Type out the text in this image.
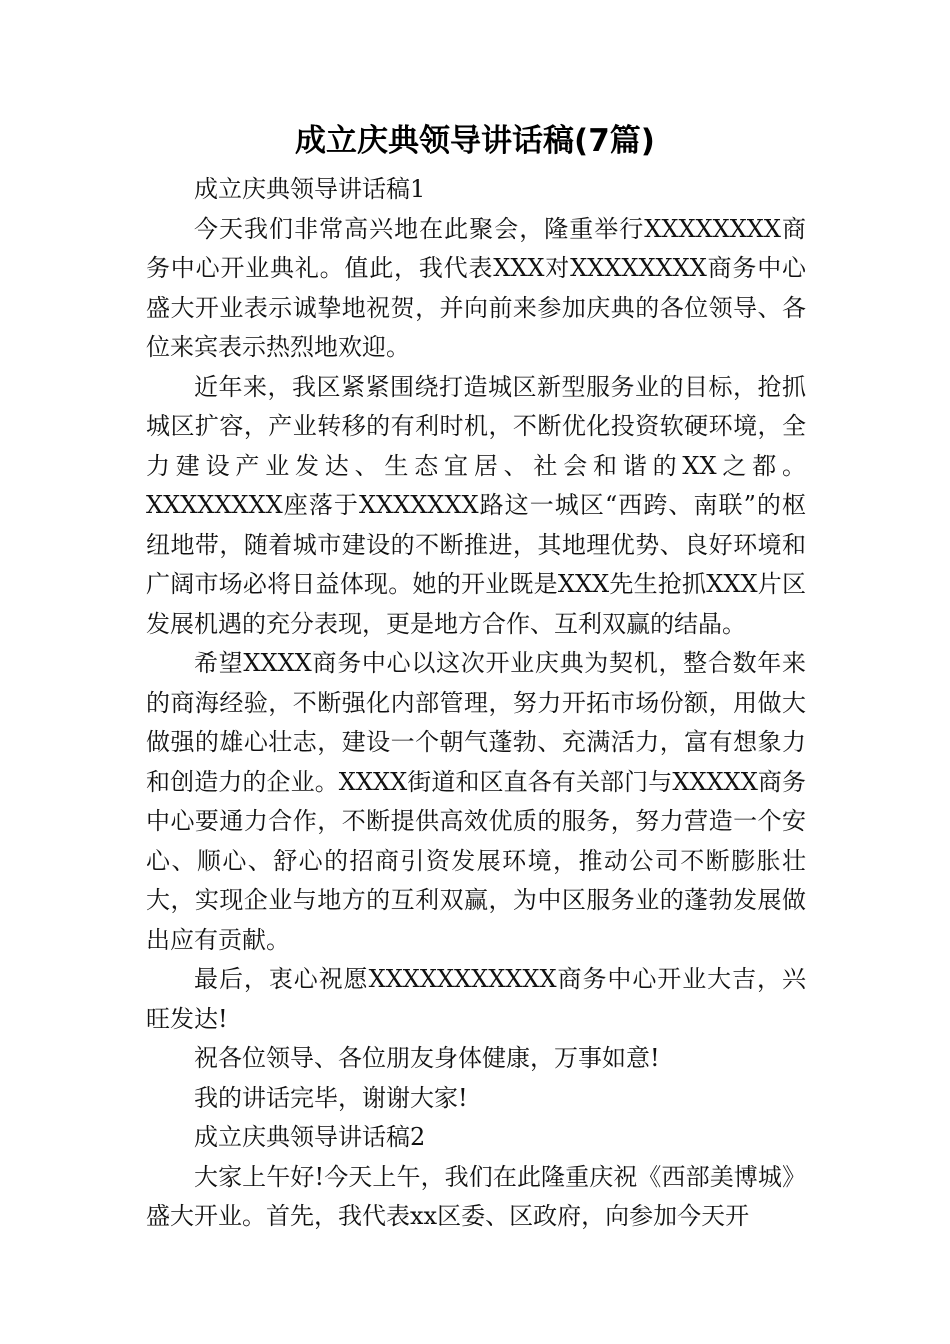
成立庆典领导讲话稿(7篇)

成立庆典领导讲话稿1

今天我们非常高兴地在此聚会，隆重举行XXXXXXXX商务中心开业典礼。值此，我代表XXX对XXXXXXXX商务中心盛大开业表示诚挚地祝贺，并向前来参加庆典的各位领导、各位来宾表示热烈地欢迎。

近年来，我区紧紧围绕打造城区新型服务业的目标，抢抓城区扩容，产业转移的有利时机，不断优化投资软硬环境，全力建设产业发达、生态宜居、社会和谐的XX之都。XXXXXXXX座落于XXXXXXX路这一城区“西跨、南联”的枢纽地带，随着城市建设的不断推进，其地理优势、良好环境和广阔市场必将日益体现。她的开业既是XXX先生抢抓XXX片区发展机遇的充分表现，更是地方合作、互利双赢的结晶。

希望XXXX商务中心以这次开业庆典为契机，整合数年来的商海经验，不断强化内部管理，努力开拓市场份额，用做大做强的雄心壮志，建设一个朝气蓬勃、充满活力，富有想象力和创造力的企业。XXXX街道和区直各有关部门与XXXXX商务中心要通力合作，不断提供高效优质的服务，努力营造一个安心、顺心、舒心的招商引资发展环境，推动公司不断膨胀壮大，实现企业与地方的互利双赢，为中区服务业的蓬勃发展做出应有贡献。

最后，衷心祝愿XXXXXXXXXXX商务中心开业大吉，兴旺发达!

祝各位领导、各位朋友身体健康，万事如意!

我的讲话完毕，谢谢大家!

成立庆典领导讲话稿2

大家上午好!今天上午，我们在此隆重庆祝《西部美博城》盛大开业。首先，我代表xx区委、区政府，向参加今天开
